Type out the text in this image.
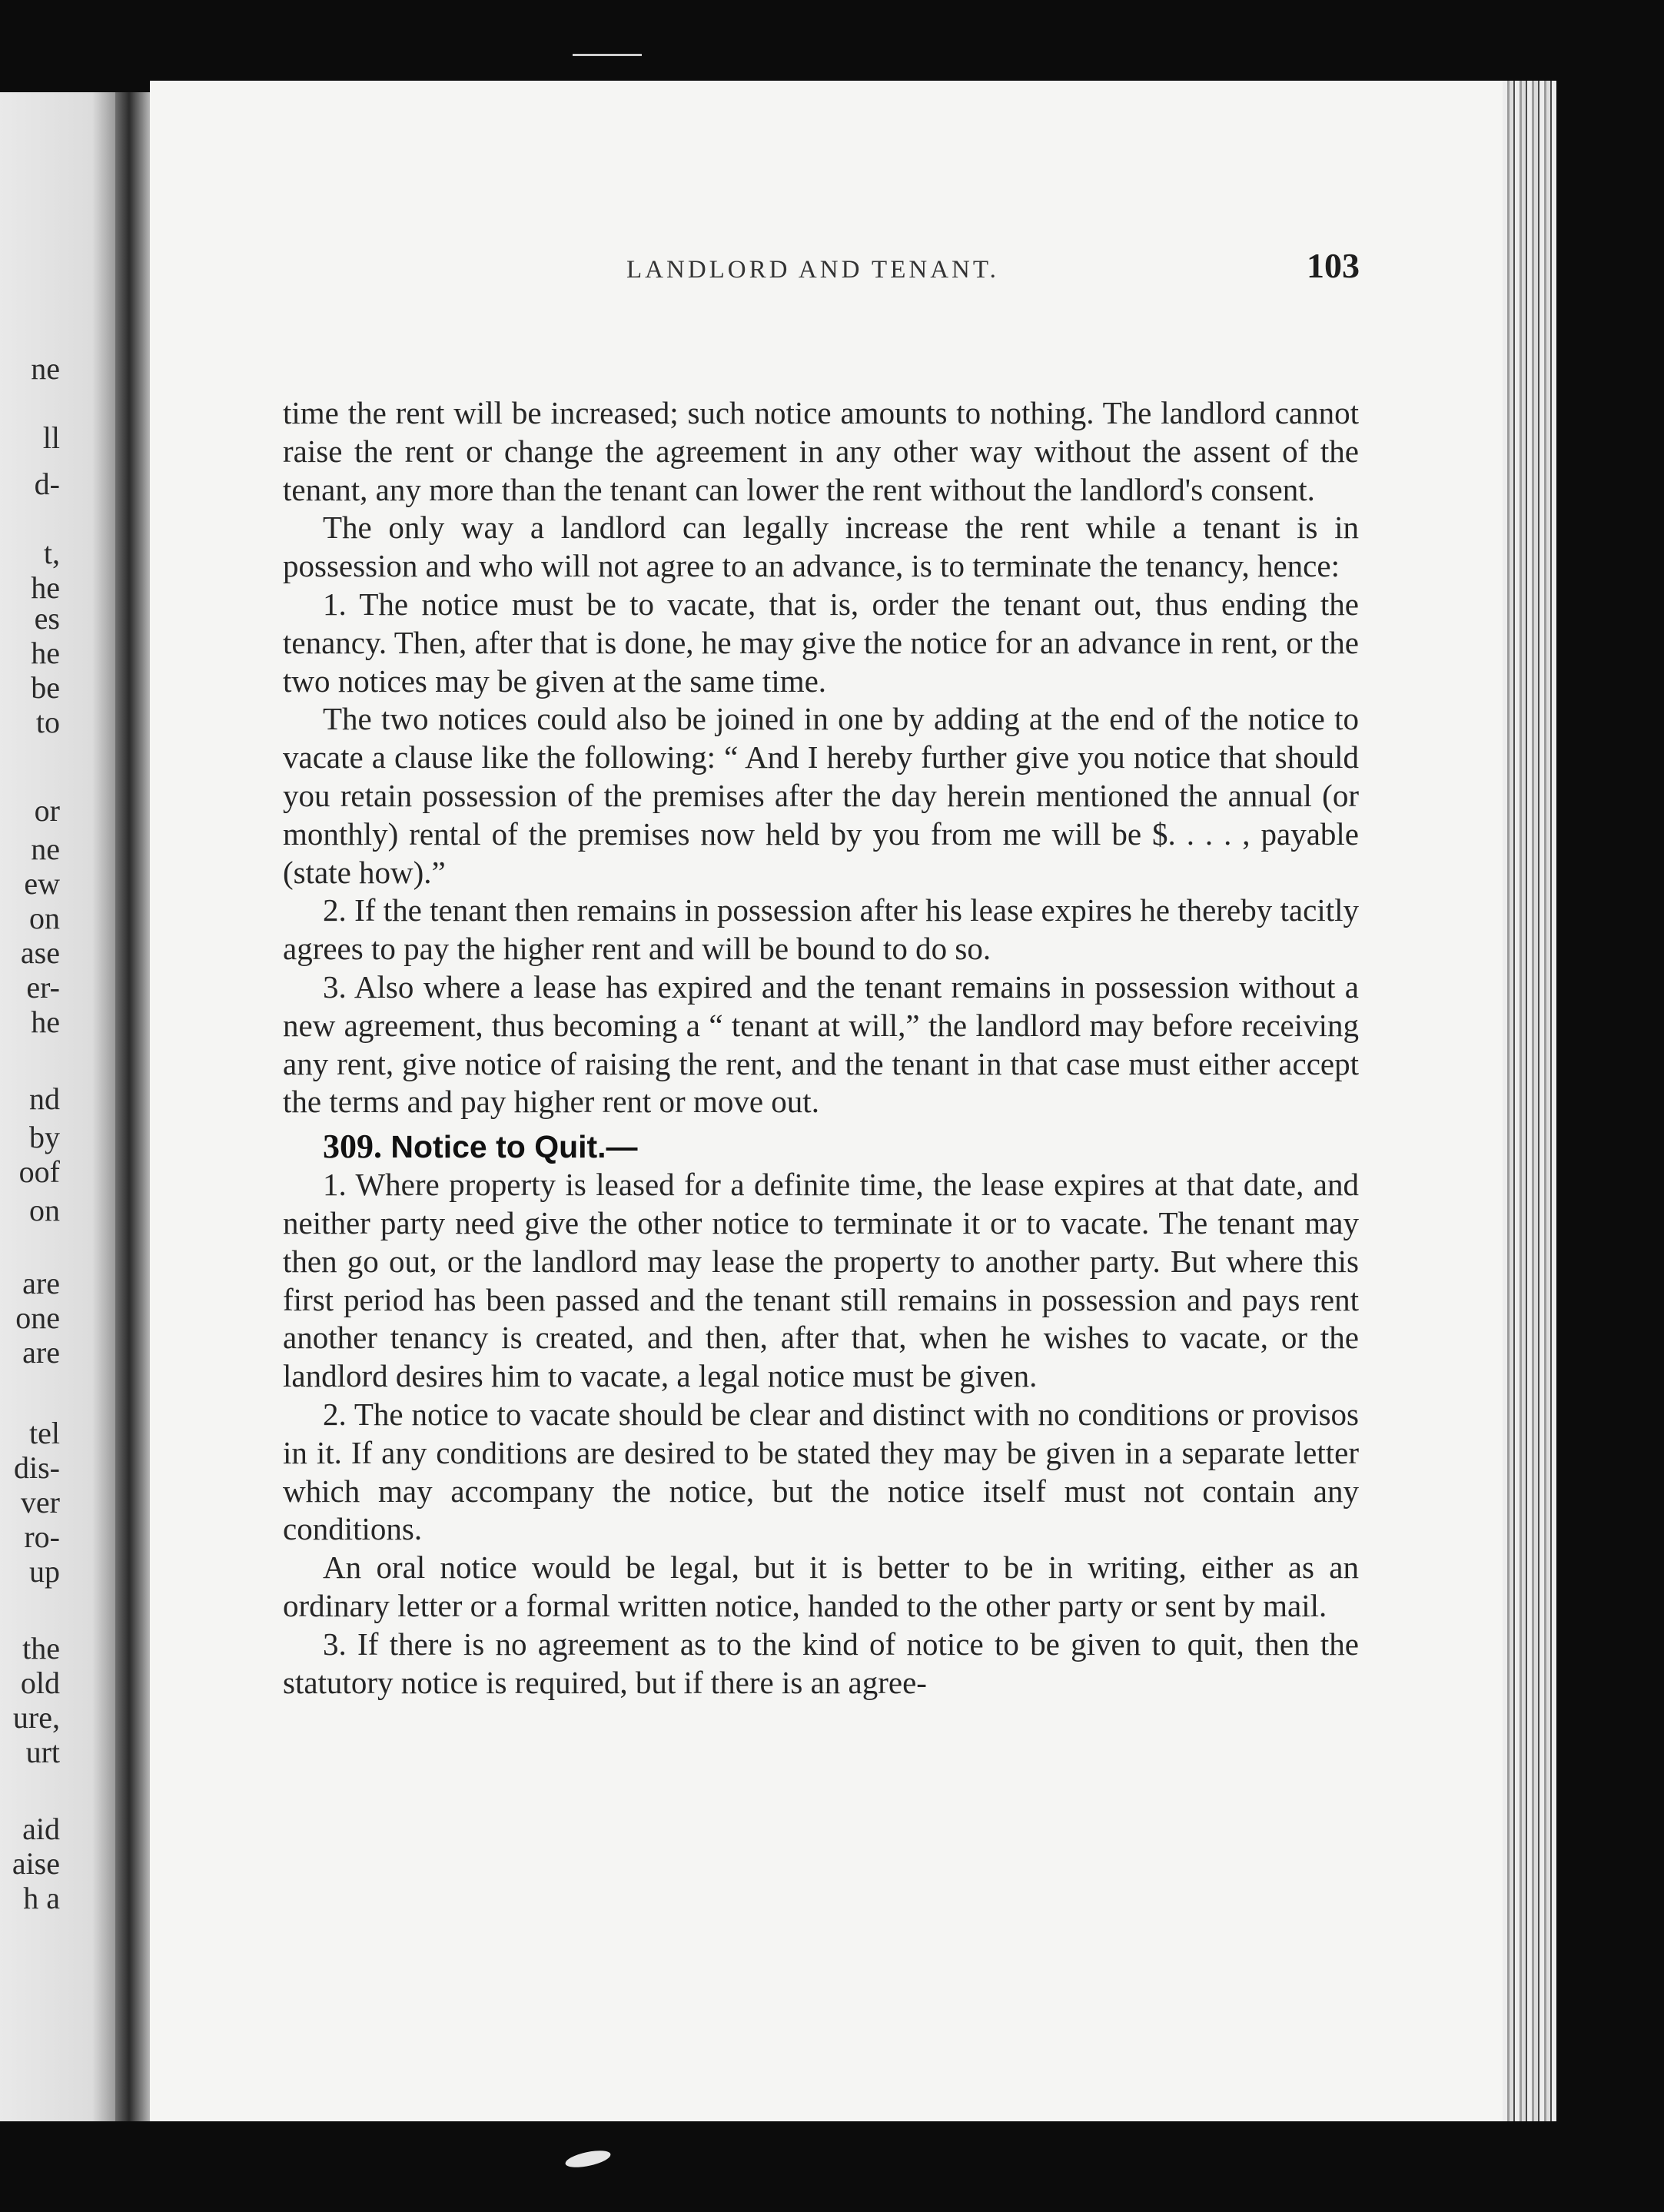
ne
ll
d-
t,
he
es
he
be
to
or
ne
ew
on
ase
er-
he
nd
by
oof
on
are
one
are
tel
dis-
ver
ro-
up
the
old
ure,
urt
aid
aise
h a
LANDLORD AND TENANT.	103

time the rent will be increased; such notice amounts to nothing. The landlord cannot raise the rent or change the agreement in any other way without the assent of the tenant, any more than the tenant can lower the rent without the landlord's consent.

The only way a landlord can legally increase the rent while a tenant is in possession and who will not agree to an advance, is to terminate the tenancy, hence:

1. The notice must be to vacate, that is, order the tenant out, thus ending the tenancy. Then, after that is done, he may give the notice for an advance in rent, or the two notices may be given at the same time.

The two notices could also be joined in one by adding at the end of the notice to vacate a clause like the following: “ And I hereby further give you notice that should you retain possession of the premises after the day herein mentioned the annual (or monthly) rental of the premises now held by you from me will be $. . . . , payable (state how).”

2. If the tenant then remains in possession after his lease expires he thereby tacitly agrees to pay the higher rent and will be bound to do so.

3. Also where a lease has expired and the tenant remains in possession without a new agreement, thus becoming a “ tenant at will,” the landlord may before receiving any rent, give notice of raising the rent, and the tenant in that case must either accept the terms and pay higher rent or move out.

309. Notice to Quit.—

1. Where property is leased for a definite time, the lease expires at that date, and neither party need give the other notice to terminate it or to vacate. The tenant may then go out, or the landlord may lease the property to another party. But where this first period has been passed and the tenant still remains in possession and pays rent another tenancy is created, and then, after that, when he wishes to vacate, or the landlord desires him to vacate, a legal notice must be given.

2. The notice to vacate should be clear and distinct with no conditions or provisos in it. If any conditions are desired to be stated they may be given in a separate letter which may accompany the notice, but the notice itself must not contain any conditions.

An oral notice would be legal, but it is better to be in writing, either as an ordinary letter or a formal written notice, handed to the other party or sent by mail.

3. If there is no agreement as to the kind of notice to be given to quit, then the statutory notice is required, but if there is an agree-
